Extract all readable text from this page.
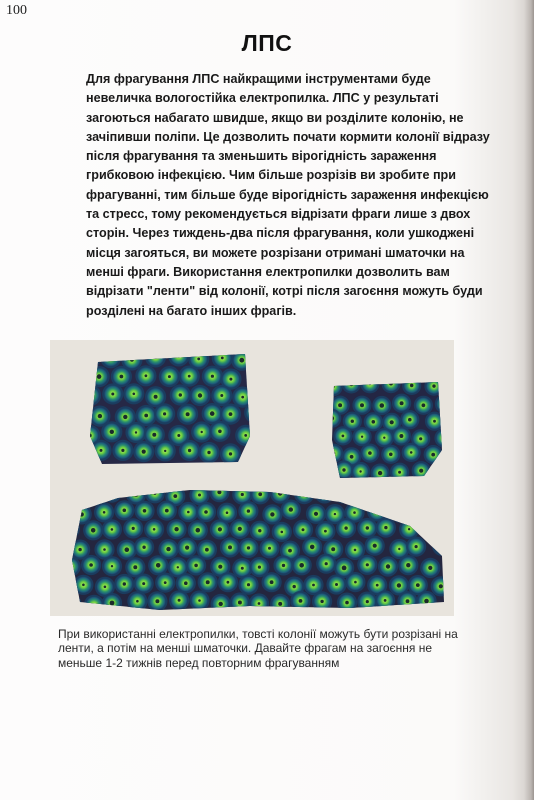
100
ЛПС

Для фрагування ЛПС найкращими інструментами буде невеличка вологостійка електропилка. ЛПС у результаті загоються набагато швидше, якщо ви розділите колонію, не зачіпивши поліпи. Це дозволить почати кормити колонії відразу після фрагування та зменьшить вірогідність зараження грибковою інфекцією. Чим більше розрізів ви зробите при фрагуванні, тим більше буде вірогідність зараження инфекцією та стресс, тому рекомендується відрізати фраги лише з двох сторін. Через тиждень-два після фрагування, коли ушкоджені місця загояться, ви можете розрізани отримані шматочки на менші фраги. Використання електропилки дозволить вам відрізати "ленти" від колонії, котрі після загоєння можуть буди розділені на багато інших фрагів.

При використанні електропилки, товсті колонії можуть бути розрізані на ленти, а потім на менші шматочки. Давайте фрагам на загоєння не меньше 1-2 тижнів перед повторним фрагуванням
